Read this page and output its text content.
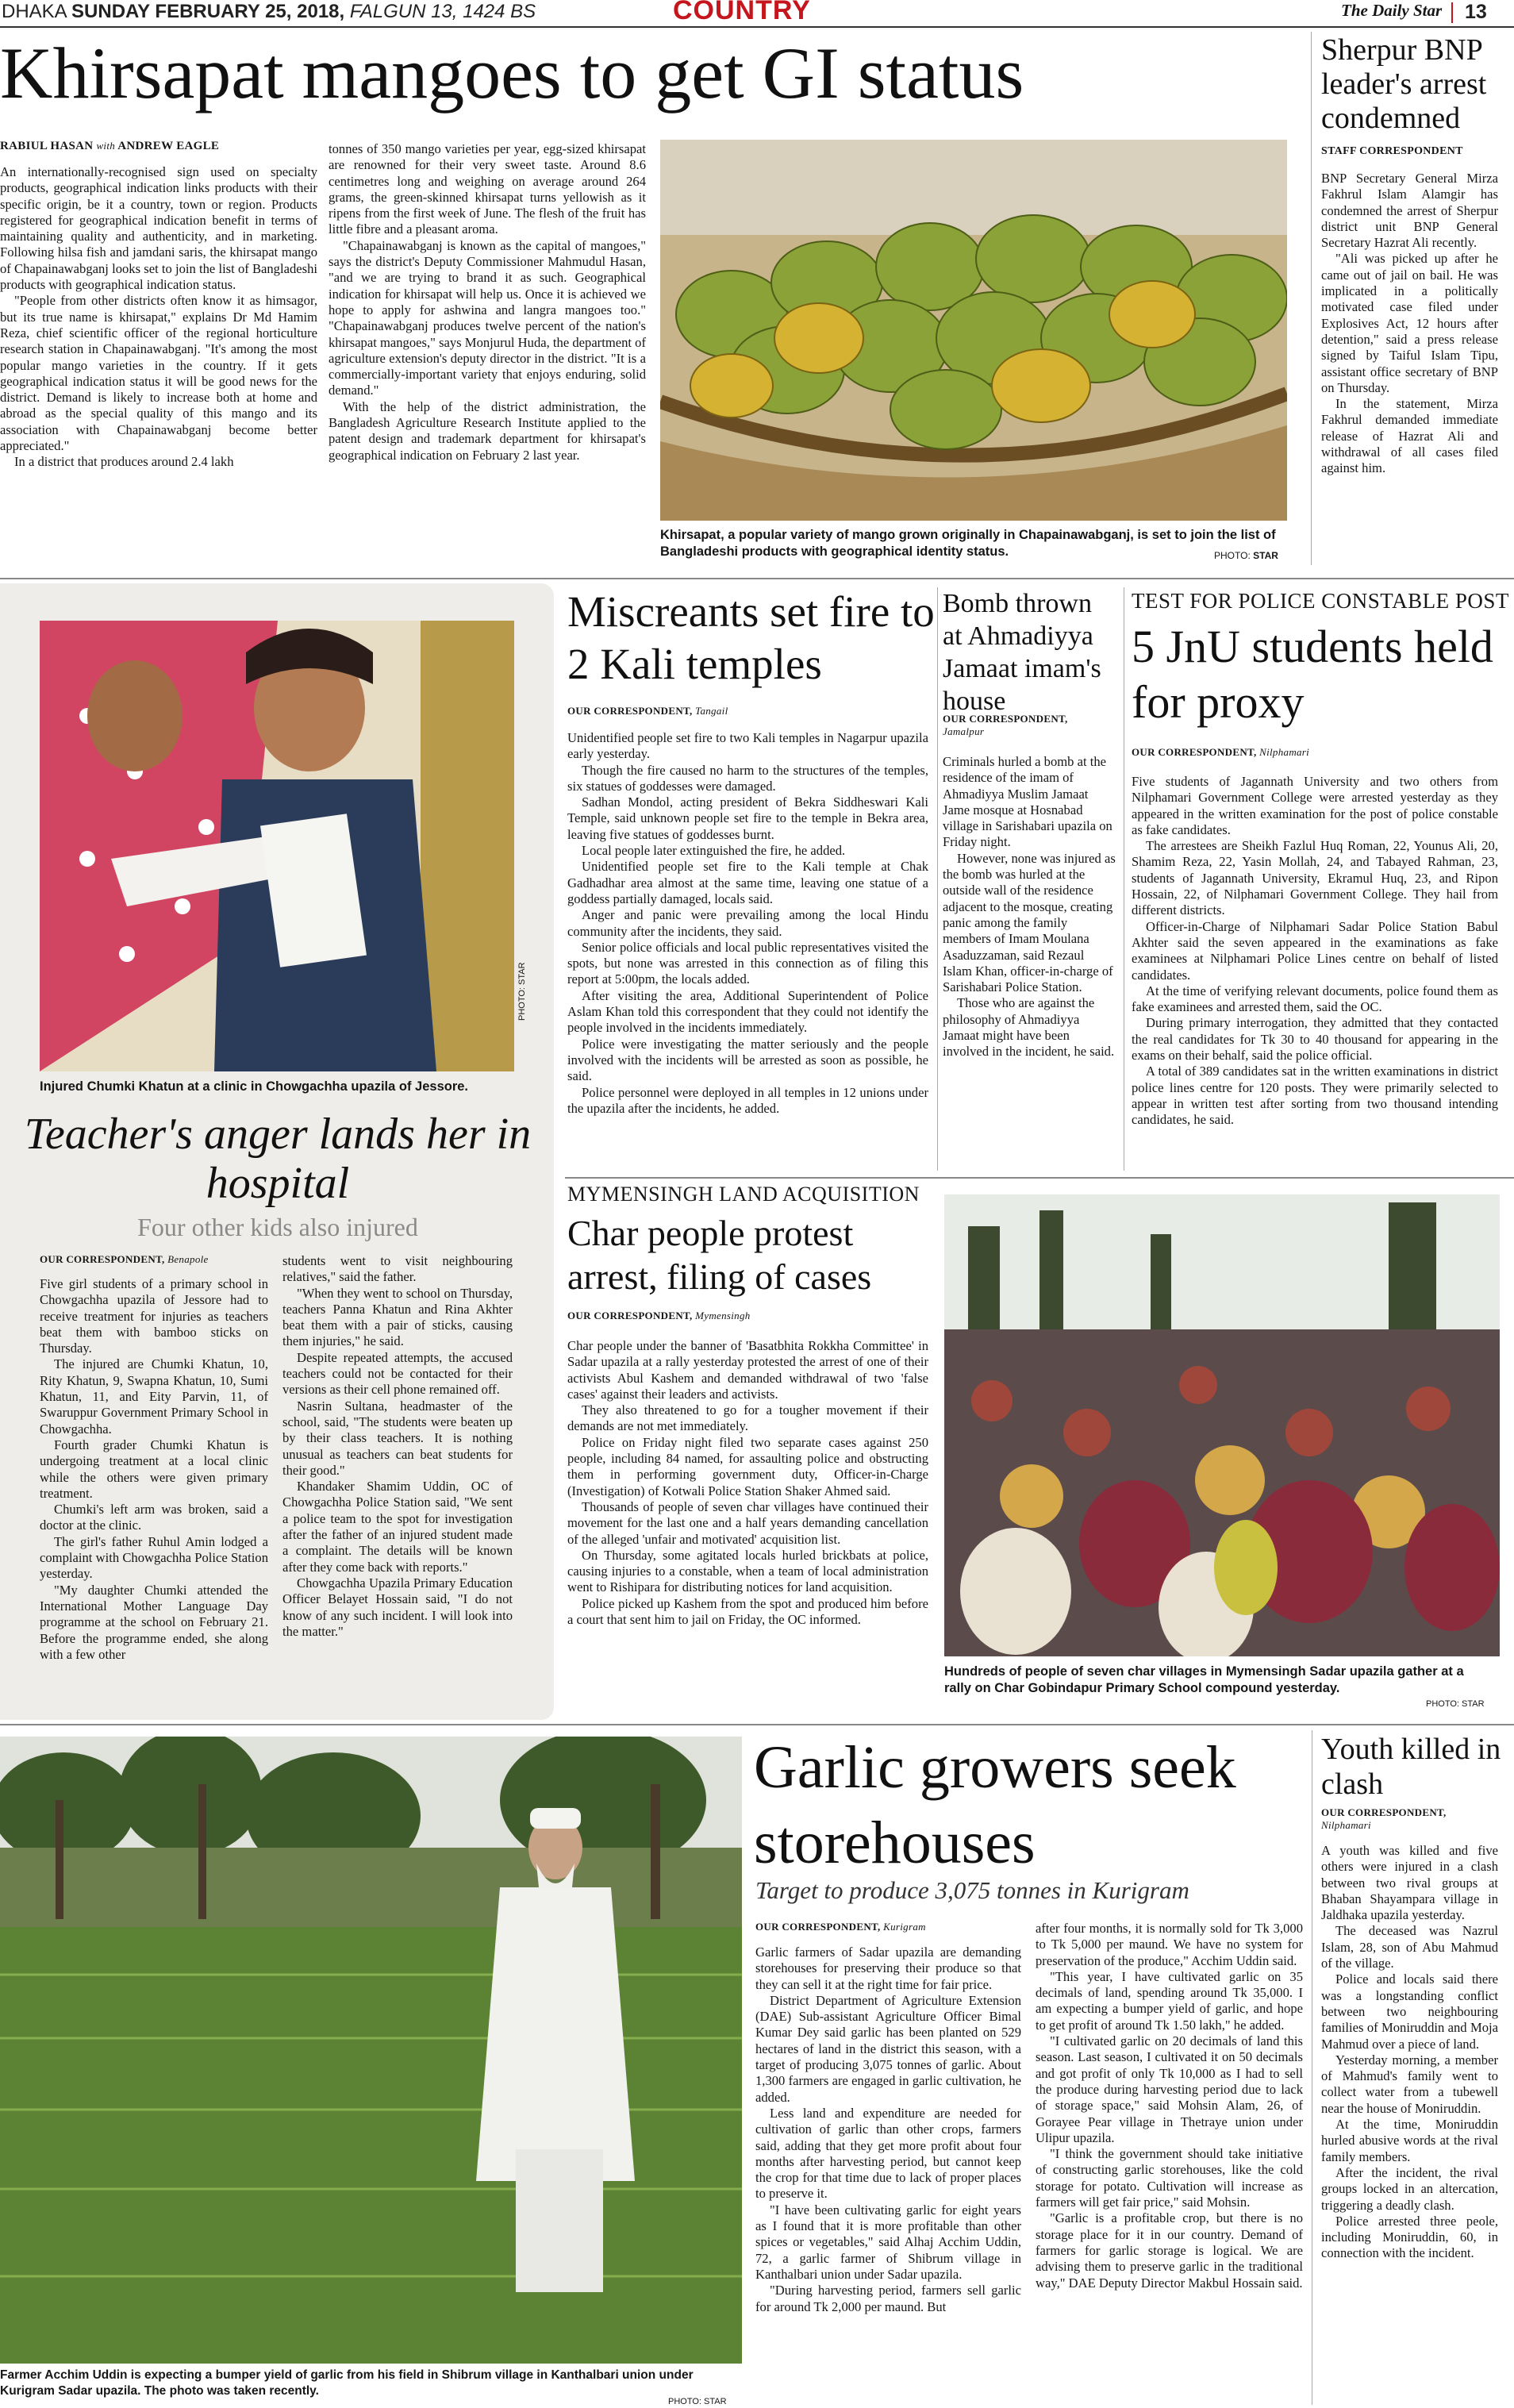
DHAKA SUNDAY FEBRUARY 25, 2018, FALGUN 13, 1424 BS	COUNTRY	The Daily Star 13
Khirsapat mangoes to get GI status
RABIUL HASAN with ANDREW EAGLE

An internationally-recognised sign used on specialty products, geographical indication links products with their specific origin, be it a country, town or region. Products registered for geographical indication benefit in terms of maintaining quality and authenticity, and in marketing. Following hilsa fish and jamdani saris, the khirsapat mango of Chapainawabganj looks set to join the list of Bangladeshi products with geographical indication status.

"People from other districts often know it as himsagor, but its true name is khirsapat," explains Dr Md Hamim Reza, chief scientific officer of the regional horticulture research station in Chapainawabganj. "It's among the most popular mango varieties in the country. If it gets geographical indication status it will be good news for the district. Demand is likely to increase both at home and abroad as the special quality of this mango and its association with Chapainawabganj become better appreciated."

In a district that produces around 2.4 lakh

tonnes of 350 mango varieties per year, egg-sized khirsapat are renowned for their very sweet taste. Around 8.6 centimetres long and weighing on average around 264 grams, the green-skinned khirsapat turns yellowish as it ripens from the first week of June. The flesh of the fruit has little fibre and a pleasant aroma.

"Chapainawabganj is known as the capital of mangoes," says the district's Deputy Commissioner Mahmudul Hasan, "and we are trying to brand it as such. Geographical indication for khirsapat will help us. Once it is achieved we hope to apply for ashwina and langra mangoes too." "Chapainawabganj produces twelve percent of the nation's khirsapat mangoes," says Monjurul Huda, the department of agriculture extension's deputy director in the district. "It is a commercially-important variety that enjoys enduring, solid demand."

With the help of the district administration, the Bangladesh Agriculture Research Institute applied to the patent design and trademark department for khirsapat's geographical indication on February 2 last year.

Khirsapat, a popular variety of mango grown originally in Chapainawabganj, is set to join the list of Bangladeshi products with geographical identity status.	PHOTO: STAR
Sherpur BNP leader's arrest condemned
STAFF CORRESPONDENT

BNP Secretary General Mirza Fakhrul Islam Alamgir has condemned the arrest of Sherpur district unit BNP General Secretary Hazrat Ali recently.

"Ali was picked up after he came out of jail on bail. He was implicated in a politically motivated case filed under Explosives Act, 12 hours after detention," said a press release signed by Taiful Islam Tipu, assistant office secretary of BNP on Thursday.

In the statement, Mirza Fakhrul demanded immediate release of Hazrat Ali and withdrawal of all cases filed against him.

PHOTO: STAR
Injured Chumki Khatun at a clinic in Chowgachha upazila of Jessore.
Teacher's anger lands her in hospital
Four other kids also injured
OUR CORRESPONDENT, Benapole

Five girl students of a primary school in Chowgachha upazila of Jessore had to receive treatment for injuries as teachers beat them with bamboo sticks on Thursday.

The injured are Chumki Khatun, 10, Rity Khatun, 9, Swapna Khatun, 10, Sumi Khatun, 11, and Eity Parvin, 11, of Swaruppur Government Primary School in Chowgachha.

Fourth grader Chumki Khatun is undergoing treatment at a local clinic while the others were given primary treatment.

Chumki's left arm was broken, said a doctor at the clinic.

The girl's father Ruhul Amin lodged a complaint with Chowgachha Police Station yesterday.

"My daughter Chumki attended the International Mother Language Day programme at the school on February 21. Before the programme ended, she along with a few other

students went to visit neighbouring relatives," said the father.

"When they went to school on Thursday, teachers Panna Khatun and Rina Akhter beat them with a pair of sticks, causing them injuries," he said.

Despite repeated attempts, the accused teachers could not be contacted for their versions as their cell phone remained off.

Nasrin Sultana, headmaster of the school, said, "The students were beaten up by their class teachers. It is nothing unusual as teachers can beat students for their good."

Khandaker Shamim Uddin, OC of Chowgachha Police Station said, "We sent a police team to the spot for investigation after the father of an injured student made a complaint. The details will be known after they come back with reports."

Chowgachha Upazila Primary Education Officer Belayet Hossain said, "I do not know of any such incident. I will look into the matter."

Miscreants set fire to 2 Kali temples
OUR CORRESPONDENT, Tangail

Unidentified people set fire to two Kali temples in Nagarpur upazila early yesterday.

Though the fire caused no harm to the structures of the temples, six statues of goddesses were damaged.

Sadhan Mondol, acting president of Bekra Siddheswari Kali Temple, said unknown people set fire to the temple in Bekra area, leaving five statues of goddesses burnt.

Local people later extinguished the fire, he added.

Unidentified people set fire to the Kali temple at Chak Gadhadhar area almost at the same time, leaving one statue of a goddess partially damaged, locals said.

Anger and panic were prevailing among the local Hindu community after the incidents, they said.

Senior police officials and local public representatives visited the spots, but none was arrested in this connection as of filing this report at 5:00pm, the locals added.

After visiting the area, Additional Superintendent of Police Aslam Khan told this correspondent that they could not identify the people involved in the incidents immediately.

Police were investigating the matter seriously and the people involved with the incidents will be arrested as soon as possible, he said.

Police personnel were deployed in all temples in 12 unions under the upazila after the incidents, he added.

Bomb thrown at Ahmadiyya Jamaat imam's house
OUR CORRESPONDENT,
Jamalpur

Criminals hurled a bomb at the residence of the imam of Ahmadiyya Muslim Jamaat Jame mosque at Hosnabad village in Sarishabari upazila on Friday night.

However, none was injured as the bomb was hurled at the outside wall of the residence adjacent to the mosque, creating panic among the family members of Imam Moulana Asaduzzaman, said Rezaul Islam Khan, officer-in-charge of Sarishabari Police Station.

Those who are against the philosophy of Ahmadiyya Jamaat might have been involved in the incident, he said.

TEST FOR POLICE CONSTABLE POST
5 JnU students held for proxy
OUR CORRESPONDENT, Nilphamari

Five students of Jagannath University and two others from Nilphamari Government College were arrested yesterday as they appeared in the written examination for the post of police constable as fake candidates.

The arrestees are Sheikh Fazlul Huq Roman, 22, Younus Ali, 20, Shamim Reza, 22, Yasin Mollah, 24, and Tabayed Rahman, 23, students of Jagannath University, Ekramul Huq, 23, and Ripon Hossain, 22, of Nilphamari Government College. They hail from different districts.

Officer-in-Charge of Nilphamari Sadar Police Station Babul Akhter said the seven appeared in the examinations as fake examinees at Nilphamari Police Lines centre on behalf of listed candidates.

At the time of verifying relevant documents, police found them as fake examinees and arrested them, said the OC.

During primary interrogation, they admitted that they contacted the real candidates for Tk 30 to 40 thousand for appearing in the exams on their behalf, said the police official.

A total of 389 candidates sat in the written examinations in district police lines centre for 120 posts. They were primarily selected to appear in written test after sorting from two thousand intending candidates, he said.

MYMENSINGH LAND ACQUISITION
Char people protest arrest, filing of cases
OUR CORRESPONDENT, Mymensingh

Char people under the banner of 'Basatbhita Rokkha Committee' in Sadar upazila at a rally yesterday protested the arrest of one of their activists Abul Kashem and demanded withdrawal of two 'false cases' against their leaders and activists.

They also threatened to go for a tougher movement if their demands are not met immediately.

Police on Friday night filed two separate cases against 250 people, including 84 named, for assaulting police and obstructing them in performing government duty, Officer-in-Charge (Investigation) of Kotwali Police Station Shaker Ahmed said.

Thousands of people of seven char villages have continued their movement for the last one and a half years demanding cancellation of the alleged 'unfair and motivated' acquisition list.

On Thursday, some agitated locals hurled brickbats at police, causing injuries to a constable, when a team of local administration went to Rishipara for distributing notices for land acquisition.

Police picked up Kashem from the spot and produced him before a court that sent him to jail on Friday, the OC informed.

Hundreds of people of seven char villages in Mymensingh Sadar upazila gather at a rally on Char Gobindapur Primary School compound yesterday.
PHOTO: STAR
Farmer Acchim Uddin is expecting a bumper yield of garlic from his field in Shibrum village in Kanthalbari union under Kurigram Sadar upazila. The photo was taken recently.
PHOTO: STAR
Garlic growers seek storehouses
Target to produce 3,075 tonnes in Kurigram
OUR CORRESPONDENT, Kurigram

Garlic farmers of Sadar upazila are demanding storehouses for preserving their produce so that they can sell it at the right time for fair price.

District Department of Agriculture Extension (DAE) Sub-assistant Agriculture Officer Bimal Kumar Dey said garlic has been planted on 529 hectares of land in the district this season, with a target of producing 3,075 tonnes of garlic. About 1,300 farmers are engaged in garlic cultivation, he added.

Less land and expenditure are needed for cultivation of garlic than other crops, farmers said, adding that they get more profit about four months after harvesting period, but cannot keep the crop for that time due to lack of proper places to preserve it.

"I have been cultivating garlic for eight years as I found that it is more profitable than other spices or vegetables," said Alhaj Acchim Uddin, 72, a garlic farmer of Shibrum village in Kanthalbari union under Sadar upazila.

"During harvesting period, farmers sell garlic for around Tk 2,000 per maund. But

after four months, it is normally sold for Tk 3,000 to Tk 5,000 per maund. We have no system for preservation of the produce," Acchim Uddin said.

"This year, I have cultivated garlic on 35 decimals of land, spending around Tk 35,000. I am expecting a bumper yield of garlic, and hope to get profit of around Tk 1.50 lakh," he added.

"I cultivated garlic on 20 decimals of land this season. Last season, I cultivated it on 50 decimals and got profit of only Tk 10,000 as I had to sell the produce during harvesting period due to lack of storage space," said Mohsin Alam, 26, of Gorayee Pear village in Thetraye union under Ulipur upazila.

"I think the government should take initiative of constructing garlic storehouses, like the cold storage for potato. Cultivation will increase as farmers will get fair price," said Mohsin.

"Garlic is a profitable crop, but there is no storage place for it in our country. Demand of farmers for garlic storage is logical. We are advising them to preserve garlic in the traditional way," DAE Deputy Director Makbul Hossain said.

Youth killed in clash
OUR CORRESPONDENT,
Nilphamari

A youth was killed and five others were injured in a clash between two rival groups at Bhaban Shayampara village in Jaldhaka upazila yesterday.

The deceased was Nazrul Islam, 28, son of Abu Mahmud of the village.

Police and locals said there was a longstanding conflict between two neighbouring families of Moniruddin and Moja Mahmud over a piece of land.

Yesterday morning, a member of Mahmud's family went to collect water from a tubewell near the house of Moniruddin.

At the time, Moniruddin hurled abusive words at the rival family members.

After the incident, the rival groups locked in an altercation, triggering a deadly clash.

Police arrested three peole, including Moniruddin, 60, in connection with the incident.
